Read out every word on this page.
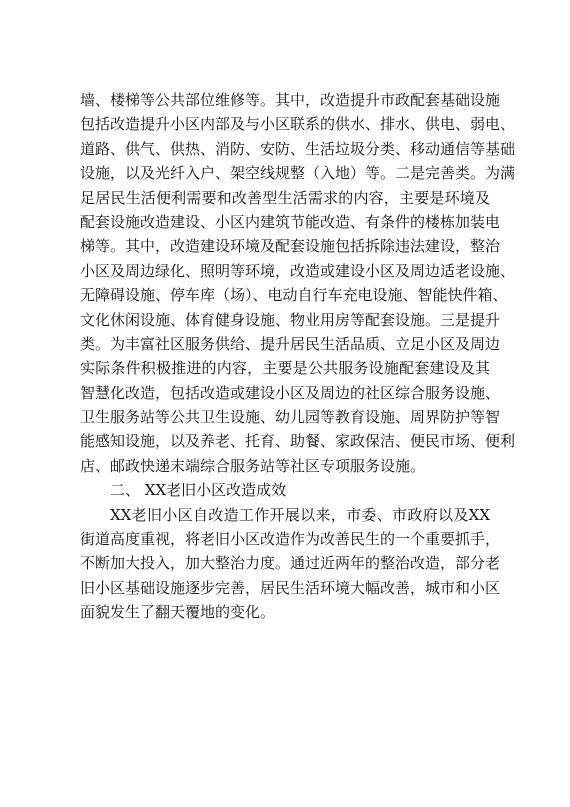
墙、楼梯等公共部位维修等。其中，改造提升市政配套基础设施
包括改造提升小区内部及与小区联系的供水、排水、供电、弱电、
道路、供气、供热、消防、安防、生活垃圾分类、移动通信等基础
设施，以及光纤入户、架空线规整（入地）等。二是完善类。为满
足居民生活便利需要和改善型生活需求的内容，主要是环境及
配套设施改造建设、小区内建筑节能改造、有条件的楼栋加装电
梯等。其中，改造建设环境及配套设施包括拆除违法建设，整治
小区及周边绿化、照明等环境，改造或建设小区及周边适老设施、
无障碍设施、停车库（场）、电动自行车充电设施、智能快件箱、
文化休闲设施、体育健身设施、物业用房等配套设施。三是提升
类。为丰富社区服务供给、提升居民生活品质、立足小区及周边
实际条件积极推进的内容，主要是公共服务设施配套建设及其
智慧化改造，包括改造或建设小区及周边的社区综合服务设施、
卫生服务站等公共卫生设施、幼儿园等教育设施、周界防护等智
能感知设施，以及养老、托育、助餐、家政保洁、便民市场、便利
店、邮政快递末端综合服务站等社区专项服务设施。
二、 XX老旧小区改造成效
XX老旧小区自改造工作开展以来，市委、市政府以及XX
街道高度重视，将老旧小区改造作为改善民生的一个重要抓手，
不断加大投入，加大整治力度。通过近两年的整治改造，部分老
旧小区基础设施逐步完善，居民生活环境大幅改善，城市和小区
面貌发生了翻天覆地的变化。
